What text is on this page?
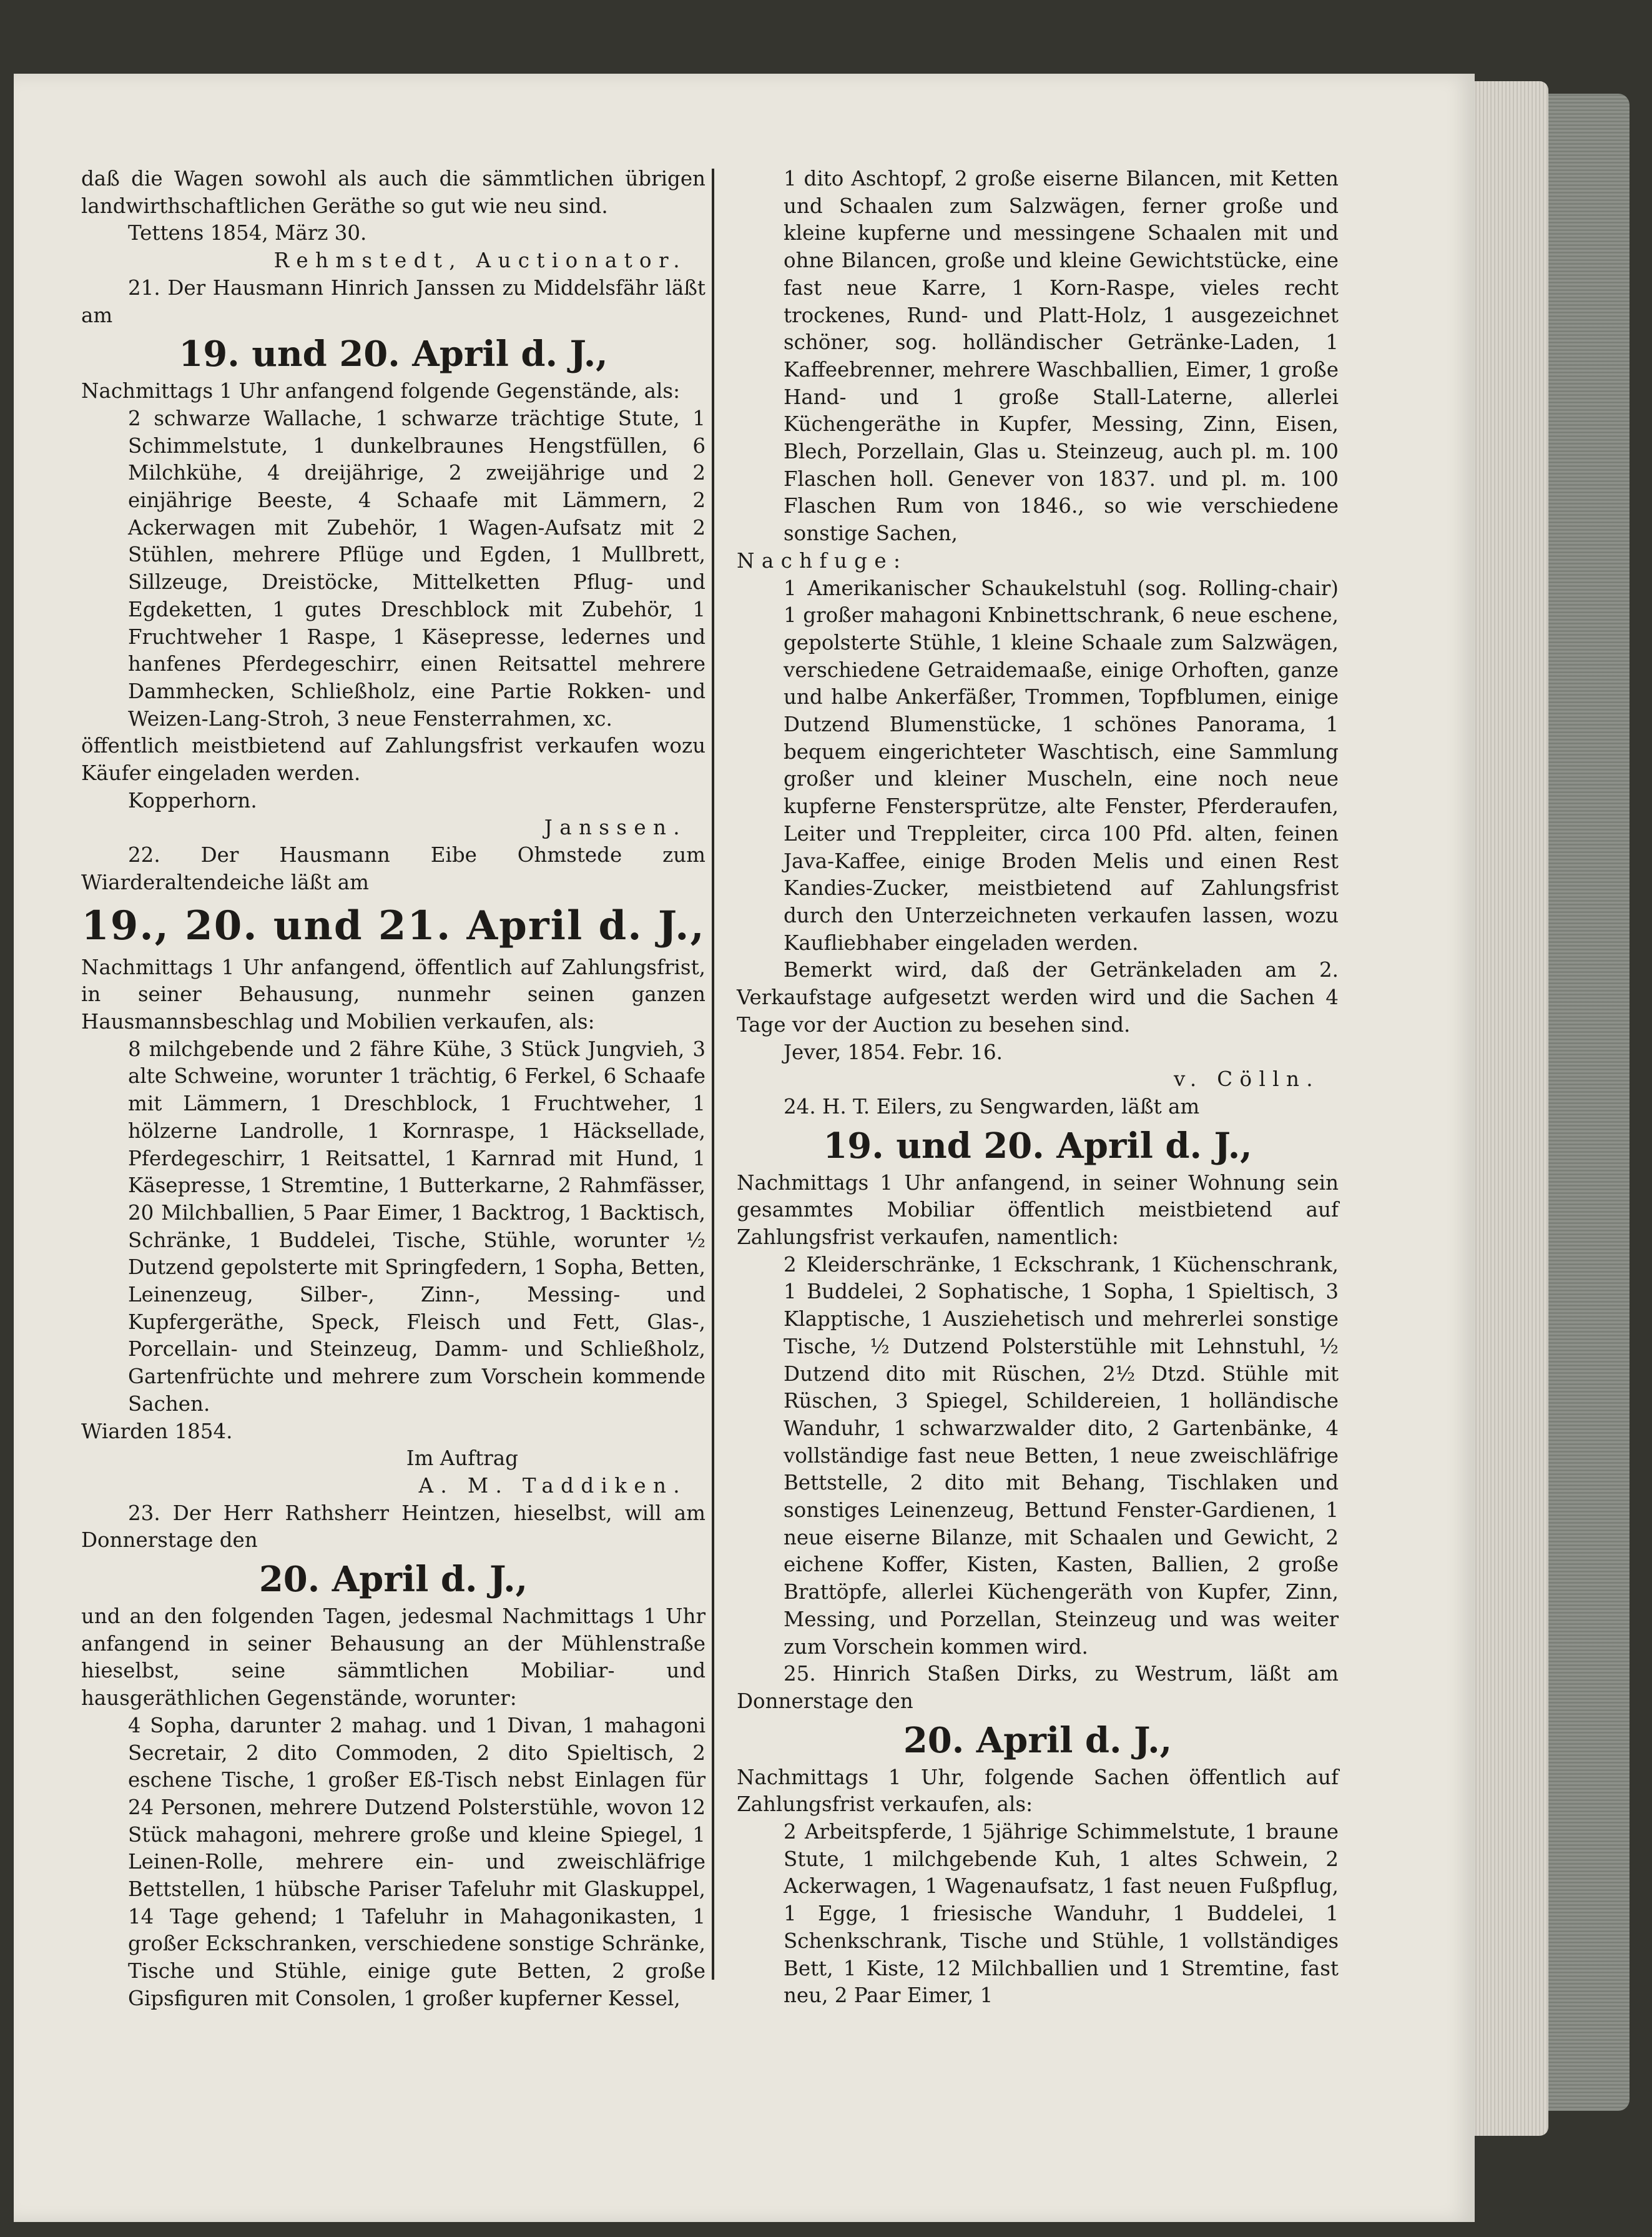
daß die Wagen sowohl als auch die sämmtlichen übrigen landwirthschaftlichen Geräthe so gut wie neu sind.

Tettens 1854, März 30.

Rehmstedt, Auctionator.

21. Der Hausmann Hinrich Janssen zu Middelsfähr läßt am

19. und 20. April d. J.,

Nachmittags 1 Uhr anfangend folgende Gegenstände, als:

2 schwarze Wallache, 1 schwarze trächtige Stute, 1 Schimmelstute, 1 dunkelbraunes Hengstfüllen, 6 Milchkühe, 4 dreijährige, 2 zweijährige und 2 einjährige Beeste, 4 Schaafe mit Lämmern, 2 Ackerwagen mit Zubehör, 1 Wagen-Aufsatz mit 2 Stühlen, mehrere Pflüge und Egden, 1 Mullbrett, Sillzeuge, Dreistöcke, Mittelketten Pflug- und Egdeketten, 1 gutes Dreschblock mit Zubehör, 1 Fruchtweher 1 Raspe, 1 Käsepresse, ledernes und hanfenes Pferdegeschirr, einen Reitsattel mehrere Dammhecken, Schließholz, eine Partie Rokken- und Weizen-Lang-Stroh, 3 neue Fensterrahmen, xc.

öffentlich meistbietend auf Zahlungsfrist verkaufen wozu Käufer eingeladen werden.

Kopperhorn.

Janssen.

22. Der Hausmann Eibe Ohmstede zum Wiarderaltendeiche läßt am

19., 20. und 21. April d. J.,

Nachmittags 1 Uhr anfangend, öffentlich auf Zahlungsfrist, in seiner Behausung, nunmehr seinen ganzen Hausmannsbeschlag und Mobilien verkaufen, als:

8 milchgebende und 2 fähre Kühe, 3 Stück Jungvieh, 3 alte Schweine, worunter 1 trächtig, 6 Ferkel, 6 Schaafe mit Lämmern, 1 Dreschblock, 1 Fruchtweher, 1 hölzerne Landrolle, 1 Kornraspe, 1 Häcksellade, Pferdegeschirr, 1 Reitsattel, 1 Karnrad mit Hund, 1 Käsepresse, 1 Stremtine, 1 Butterkarne, 2 Rahmfässer, 20 Milchballien, 5 Paar Eimer, 1 Backtrog, 1 Backtisch, Schränke, 1 Buddelei, Tische, Stühle, worunter ½ Dutzend gepolsterte mit Springfedern, 1 Sopha, Betten, Leinenzeug, Silber-, Zinn-, Messing- und Kupfergeräthe, Speck, Fleisch und Fett, Glas-, Porcellain- und Steinzeug, Damm- und Schließholz, Gartenfrüchte und mehrere zum Vorschein kommende Sachen.

Wiarden 1854.

Im Auftrag

A. M. Taddiken.

23. Der Herr Rathsherr Heintzen, hieselbst, will am Donnerstage den

20. April d. J.,

und an den folgenden Tagen, jedesmal Nachmittags 1 Uhr anfangend in seiner Behausung an der Mühlenstraße hieselbst, seine sämmtlichen Mobiliar- und hausgeräthlichen Gegenstände, worunter:

4 Sopha, darunter 2 mahag. und 1 Divan, 1 mahagoni Secretair, 2 dito Commoden, 2 dito Spieltisch, 2 eschene Tische, 1 großer Eß-Tisch nebst Einlagen für 24 Personen, mehrere Dutzend Polsterstühle, wovon 12 Stück mahagoni, mehrere große und kleine Spiegel, 1 Leinen-Rolle, mehrere ein- und zweischläfrige Bettstellen, 1 hübsche Pariser Tafeluhr mit Glaskuppel, 14 Tage gehend; 1 Tafeluhr in Mahagonikasten, 1 großer Eckschranken, verschiedene sonstige Schränke, Tische und Stühle, einige gute Betten, 2 große Gipsfiguren mit Consolen, 1 großer kupferner Kessel,

1 dito Aschtopf, 2 große eiserne Bilancen, mit Ketten und Schaalen zum Salzwägen, ferner große und kleine kupferne und messingene Schaalen mit und ohne Bilancen, große und kleine Gewichtstücke, eine fast neue Karre, 1 Korn-Raspe, vieles recht trockenes, Rund- und Platt-Holz, 1 ausgezeichnet schöner, sog. holländischer Getränke-Laden, 1 Kaffeebrenner, mehrere Waschballien, Eimer, 1 große Hand- und 1 große Stall-Laterne, allerlei Küchengeräthe in Kupfer, Messing, Zinn, Eisen, Blech, Porzellain, Glas u. Steinzeug, auch pl. m. 100 Flaschen holl. Genever von 1837. und pl. m. 100 Flaschen Rum von 1846., so wie verschiedene sonstige Sachen,

Nachfuge:

1 Amerikanischer Schaukelstuhl (sog. Rolling-chair) 1 großer mahagoni Knbinettschrank, 6 neue eschene, gepolsterte Stühle, 1 kleine Schaale zum Salzwägen, verschiedene Getraidemaaße, einige Orhoften, ganze und halbe Ankerfäßer, Trommen, Topfblumen, einige Dutzend Blumenstücke, 1 schönes Panorama, 1 bequem eingerichteter Waschtisch, eine Sammlung großer und kleiner Muscheln, eine noch neue kupferne Fenstersprütze, alte Fenster, Pferderaufen, Leiter und Treppleiter, circa 100 Pfd. alten, feinen Java-Kaffee, einige Broden Melis und einen Rest Kandies-Zucker, meistbietend auf Zahlungsfrist durch den Unterzeichneten verkaufen lassen, wozu Kaufliebhaber eingeladen werden.

Bemerkt wird, daß der Getränkeladen am 2. Verkaufstage aufgesetzt werden wird und die Sachen 4 Tage vor der Auction zu besehen sind.

Jever, 1854. Febr. 16.

v. Cölln.

24. H. T. Eilers, zu Sengwarden, läßt am

19. und 20. April d. J.,

Nachmittags 1 Uhr anfangend, in seiner Wohnung sein gesammtes Mobiliar öffentlich meistbietend auf Zahlungsfrist verkaufen, namentlich:

2 Kleiderschränke, 1 Eckschrank, 1 Küchenschrank, 1 Buddelei, 2 Sophatische, 1 Sopha, 1 Spieltisch, 3 Klapptische, 1 Ausziehetisch und mehrerlei sonstige Tische, ½ Dutzend Polsterstühle mit Lehnstuhl, ½ Dutzend dito mit Rüschen, 2½ Dtzd. Stühle mit Rüschen, 3 Spiegel, Schildereien, 1 holländische Wanduhr, 1 schwarzwalder dito, 2 Gartenbänke, 4 vollständige fast neue Betten, 1 neue zweischläfrige Bettstelle, 2 dito mit Behang, Tischlaken und sonstiges Leinenzeug, Bettund Fenster-Gardienen, 1 neue eiserne Bilanze, mit Schaalen und Gewicht, 2 eichene Koffer, Kisten, Kasten, Ballien, 2 große Brattöpfe, allerlei Küchengeräth von Kupfer, Zinn, Messing, und Porzellan, Steinzeug und was weiter zum Vorschein kommen wird.

25. Hinrich Staßen Dirks, zu Westrum, läßt am Donnerstage den

20. April d. J.,

Nachmittags 1 Uhr, folgende Sachen öffentlich auf Zahlungsfrist verkaufen, als:

2 Arbeitspferde, 1 5jährige Schimmelstute, 1 braune Stute, 1 milchgebende Kuh, 1 altes Schwein, 2 Ackerwagen, 1 Wagenaufsatz, 1 fast neuen Fußpflug, 1 Egge, 1 friesische Wanduhr, 1 Buddelei, 1 Schenkschrank, Tische und Stühle, 1 vollständiges Bett, 1 Kiste, 12 Milchballien und 1 Stremtine, fast neu, 2 Paar Eimer, 1
